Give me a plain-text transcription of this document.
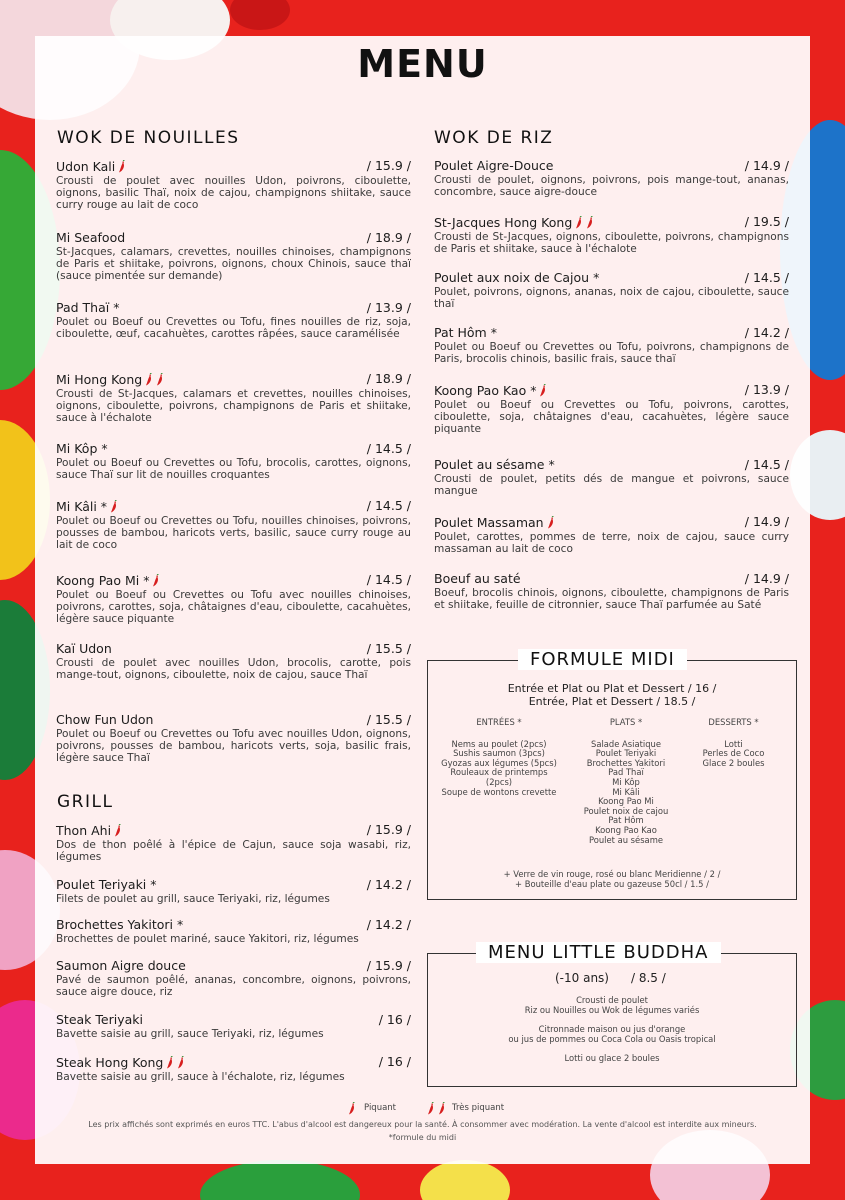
MENU
WOK DE NOUILLES	WOK DE RIZ
GRILL
Udon Kali	/ 15.9 /
Crousti de poulet avec nouilles Udon, poivrons, ciboulette, oignons, basilic Thaï, noix de cajou, champignons shiitake, sauce curry rouge au lait de coco
Mi Seafood	/ 18.9 /
St-Jacques, calamars, crevettes, nouilles chinoises, champignons de Paris et shiitake, poivrons, oignons, choux Chinois, sauce thaï (sauce pimentée sur demande)
Pad Thaï *	/ 13.9 /
Poulet ou Boeuf ou Crevettes ou Tofu, fines nouilles de riz, soja, ciboulette, œuf, cacahuètes, carottes râpées, sauce caramélisée
Mi Hong Kong	/ 18.9 /
Crousti de St-Jacques, calamars et crevettes, nouilles chinoises, oignons, ciboulette, poivrons, champignons de Paris et shiitake, sauce à l'échalote
Mi Kôp *	/ 14.5 /
Poulet ou Boeuf ou Crevettes ou Tofu, brocolis, carottes, oignons, sauce Thaï sur lit de nouilles croquantes
Mi Kâli *	/ 14.5 /
Poulet ou Boeuf ou Crevettes ou Tofu, nouilles chinoises, poivrons, pousses de bambou, haricots verts, basilic, sauce curry rouge au lait de coco
Koong Pao Mi *	/ 14.5 /
Poulet ou Boeuf ou Crevettes ou Tofu avec nouilles chinoises, poivrons, carottes, soja, châtaignes d'eau, ciboulette, cacahuètes, légère sauce piquante
Kaï Udon	/ 15.5 /
Crousti de poulet avec nouilles Udon, brocolis, carotte, pois mange-tout, oignons, ciboulette, noix de cajou, sauce Thaï
Chow Fun Udon	/ 15.5 /
Poulet ou Boeuf ou Crevettes ou Tofu avec nouilles Udon, oignons, poivrons, pousses de bambou, haricots verts, soja, basilic frais, légère sauce Thaï
Thon Ahi	/ 15.9 /
Dos de thon poêlé à l'épice de Cajun, sauce soja wasabi, riz, légumes
Poulet Teriyaki *	/ 14.2 /
Filets de poulet au grill, sauce Teriyaki, riz, légumes
Brochettes Yakitori *	/ 14.2 /
Brochettes de poulet mariné, sauce Yakitori, riz, légumes
Saumon Aigre douce	/ 15.9 /
Pavé de saumon poêlé, ananas, concombre, oignons, poivrons, sauce aigre douce, riz
Steak Teriyaki	/ 16 /
Bavette saisie au grill, sauce Teriyaki, riz, légumes
Steak Hong Kong	/ 16 /
Bavette saisie au grill, sauce à l'échalote, riz, légumes
Poulet Aigre-Douce	/ 14.9 /
Crousti de poulet, oignons, poivrons, pois mange-tout, ananas, concombre, sauce aigre-douce
St-Jacques Hong Kong	/ 19.5 /
Crousti de St-Jacques, oignons, ciboulette, poivrons, champignons de Paris et shiitake, sauce à l'échalote
Poulet aux noix de Cajou *	/ 14.5 /
Poulet, poivrons, oignons, ananas, noix de cajou, ciboulette, sauce thaï
Pat Hôm *	/ 14.2 /
Poulet ou Boeuf ou Crevettes ou Tofu, poivrons, champignons de Paris, brocolis chinois, basilic frais, sauce thaï
Koong Pao Kao *	/ 13.9 /
Poulet ou Boeuf ou Crevettes ou Tofu, poivrons, carottes, ciboulette, soja, châtaignes d'eau, cacahuètes, légère sauce piquante
Poulet au sésame *	/ 14.5 /
Crousti de poulet, petits dés de mangue et poivrons, sauce mangue
Poulet Massaman	/ 14.9 /
Poulet, carottes, pommes de terre, noix de cajou, sauce curry massaman au lait de coco
Boeuf au saté	/ 14.9 /
Boeuf, brocolis chinois, oignons, ciboulette, champignons de Paris et shiitake, feuille de citronnier, sauce Thaï parfumée au Saté
FORMULE MIDI
Entrée et Plat ou Plat et Dessert / 16 /
Entrée, Plat et Dessert / 18.5 /
ENTRÉES *
Nems au poulet (2pcs)
Sushis saumon (3pcs)
Gyozas aux légumes (5pcs)
Rouleaux de printemps (2pcs)
Soupe de wontons crevette
PLATS *
Salade Asiatique
Poulet Teriyaki
Brochettes Yakitori
Pad Thaï
Mi Kôp
Mi Kâli
Koong Pao Mi
Poulet noix de cajou
Pat Hôm
Koong Pao Kao
Poulet au sésame
DESSERTS *
Lotti
Perles de Coco
Glace 2 boules
+ Verre de vin rouge, rosé ou blanc Meridienne / 2 /
+ Bouteille d'eau plate ou gazeuse 50cl / 1.5 /
MENU LITTLE BUDDHA
(-10 ans) / 8.5 /
Crousti de poulet
Riz ou Nouilles ou Wok de légumes variés
Citronnade maison ou jus d'orange
ou jus de pommes ou Coca Cola ou Oasis tropical
Lotti ou glace 2 boules
Piquant	Très piquant
Les prix affichés sont exprimés en euros TTC. L'abus d'alcool est dangereux pour la santé. À consommer avec modération. La vente d'alcool est interdite aux mineurs.
*formule du midi
